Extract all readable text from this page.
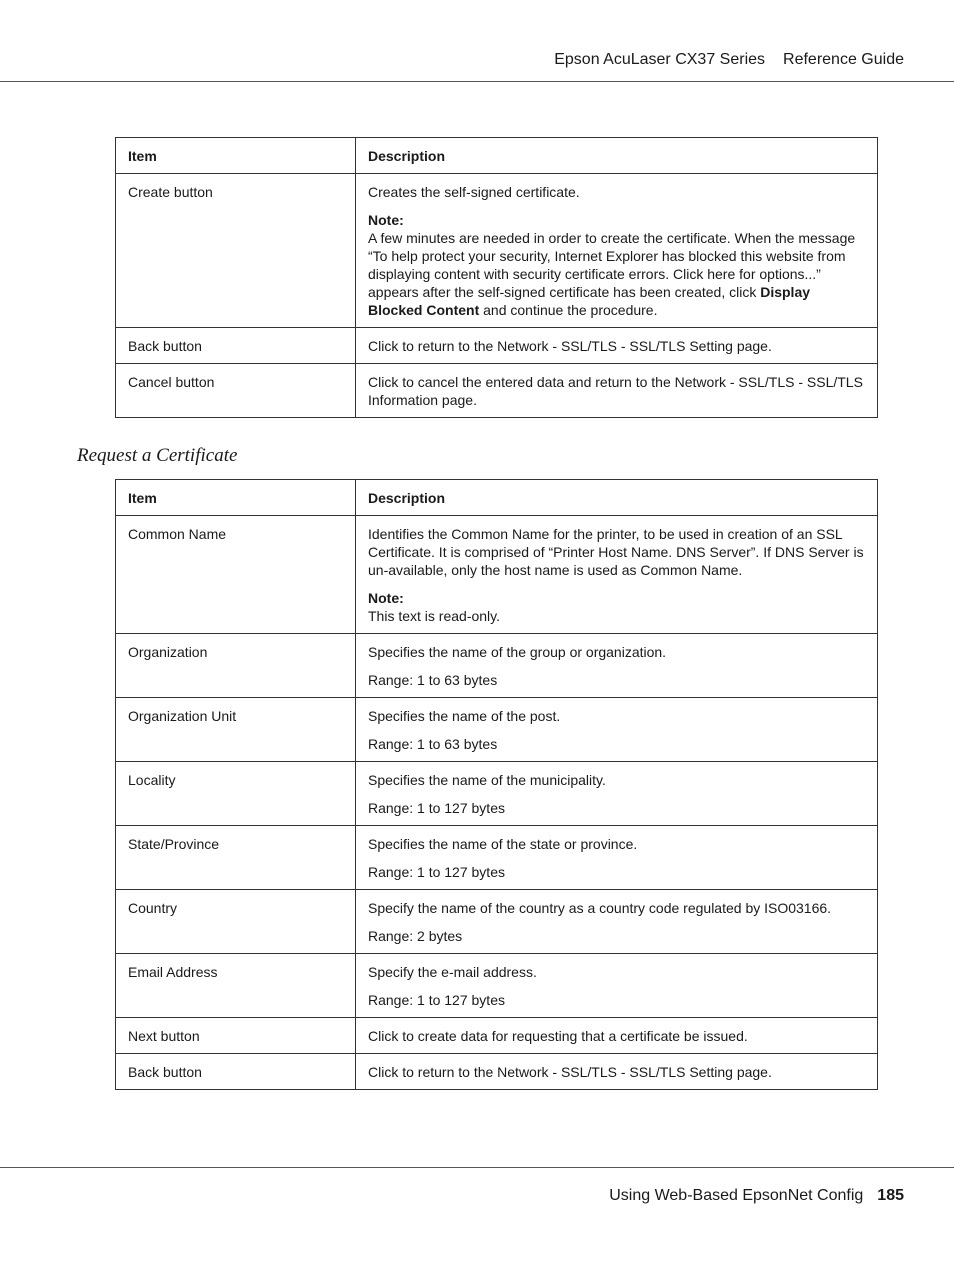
Epson AcuLaser CX37 Series Reference Guide
Item	Description
Create button	Creates the self-signed certificate.
Note:
A few minutes are needed in order to create the certificate. When the message “To help protect your security, Internet Explorer has blocked this website from displaying content with security certificate errors. Click here for options...” appears after the self-signed certificate has been created, click Display Blocked Content and continue the procedure.

Back button	Click to return to the Network - SSL/TLS - SSL/TLS Setting page.
Cancel button	Click to cancel the entered data and return to the Network - SSL/TLS - SSL/TLS Information page.
Request a Certificate
Item	Description
Common Name	Identifies the Common Name for the printer, to be used in creation of an SSL Certificate. It is comprised of “Printer Host Name. DNS Server”. If DNS Server is un-available, only the host name is used as Common Name.
Note:
This text is read-only.

Organization	Specifies the name of the group or organization.
Range: 1 to 63 bytes

Organization Unit	Specifies the name of the post.
Range: 1 to 63 bytes

Locality	Specifies the name of the municipality.
Range: 1 to 127 bytes

State/Province	Specifies the name of the state or province.
Range: 1 to 127 bytes

Country	Specify the name of the country as a country code regulated by ISO03166.
Range: 2 bytes

Email Address	Specify the e-mail address.
Range: 1 to 127 bytes

Next button	Click to create data for requesting that a certificate be issued.
Back button	Click to return to the Network - SSL/TLS - SSL/TLS Setting page.
Using Web-Based EpsonNet Config 185
